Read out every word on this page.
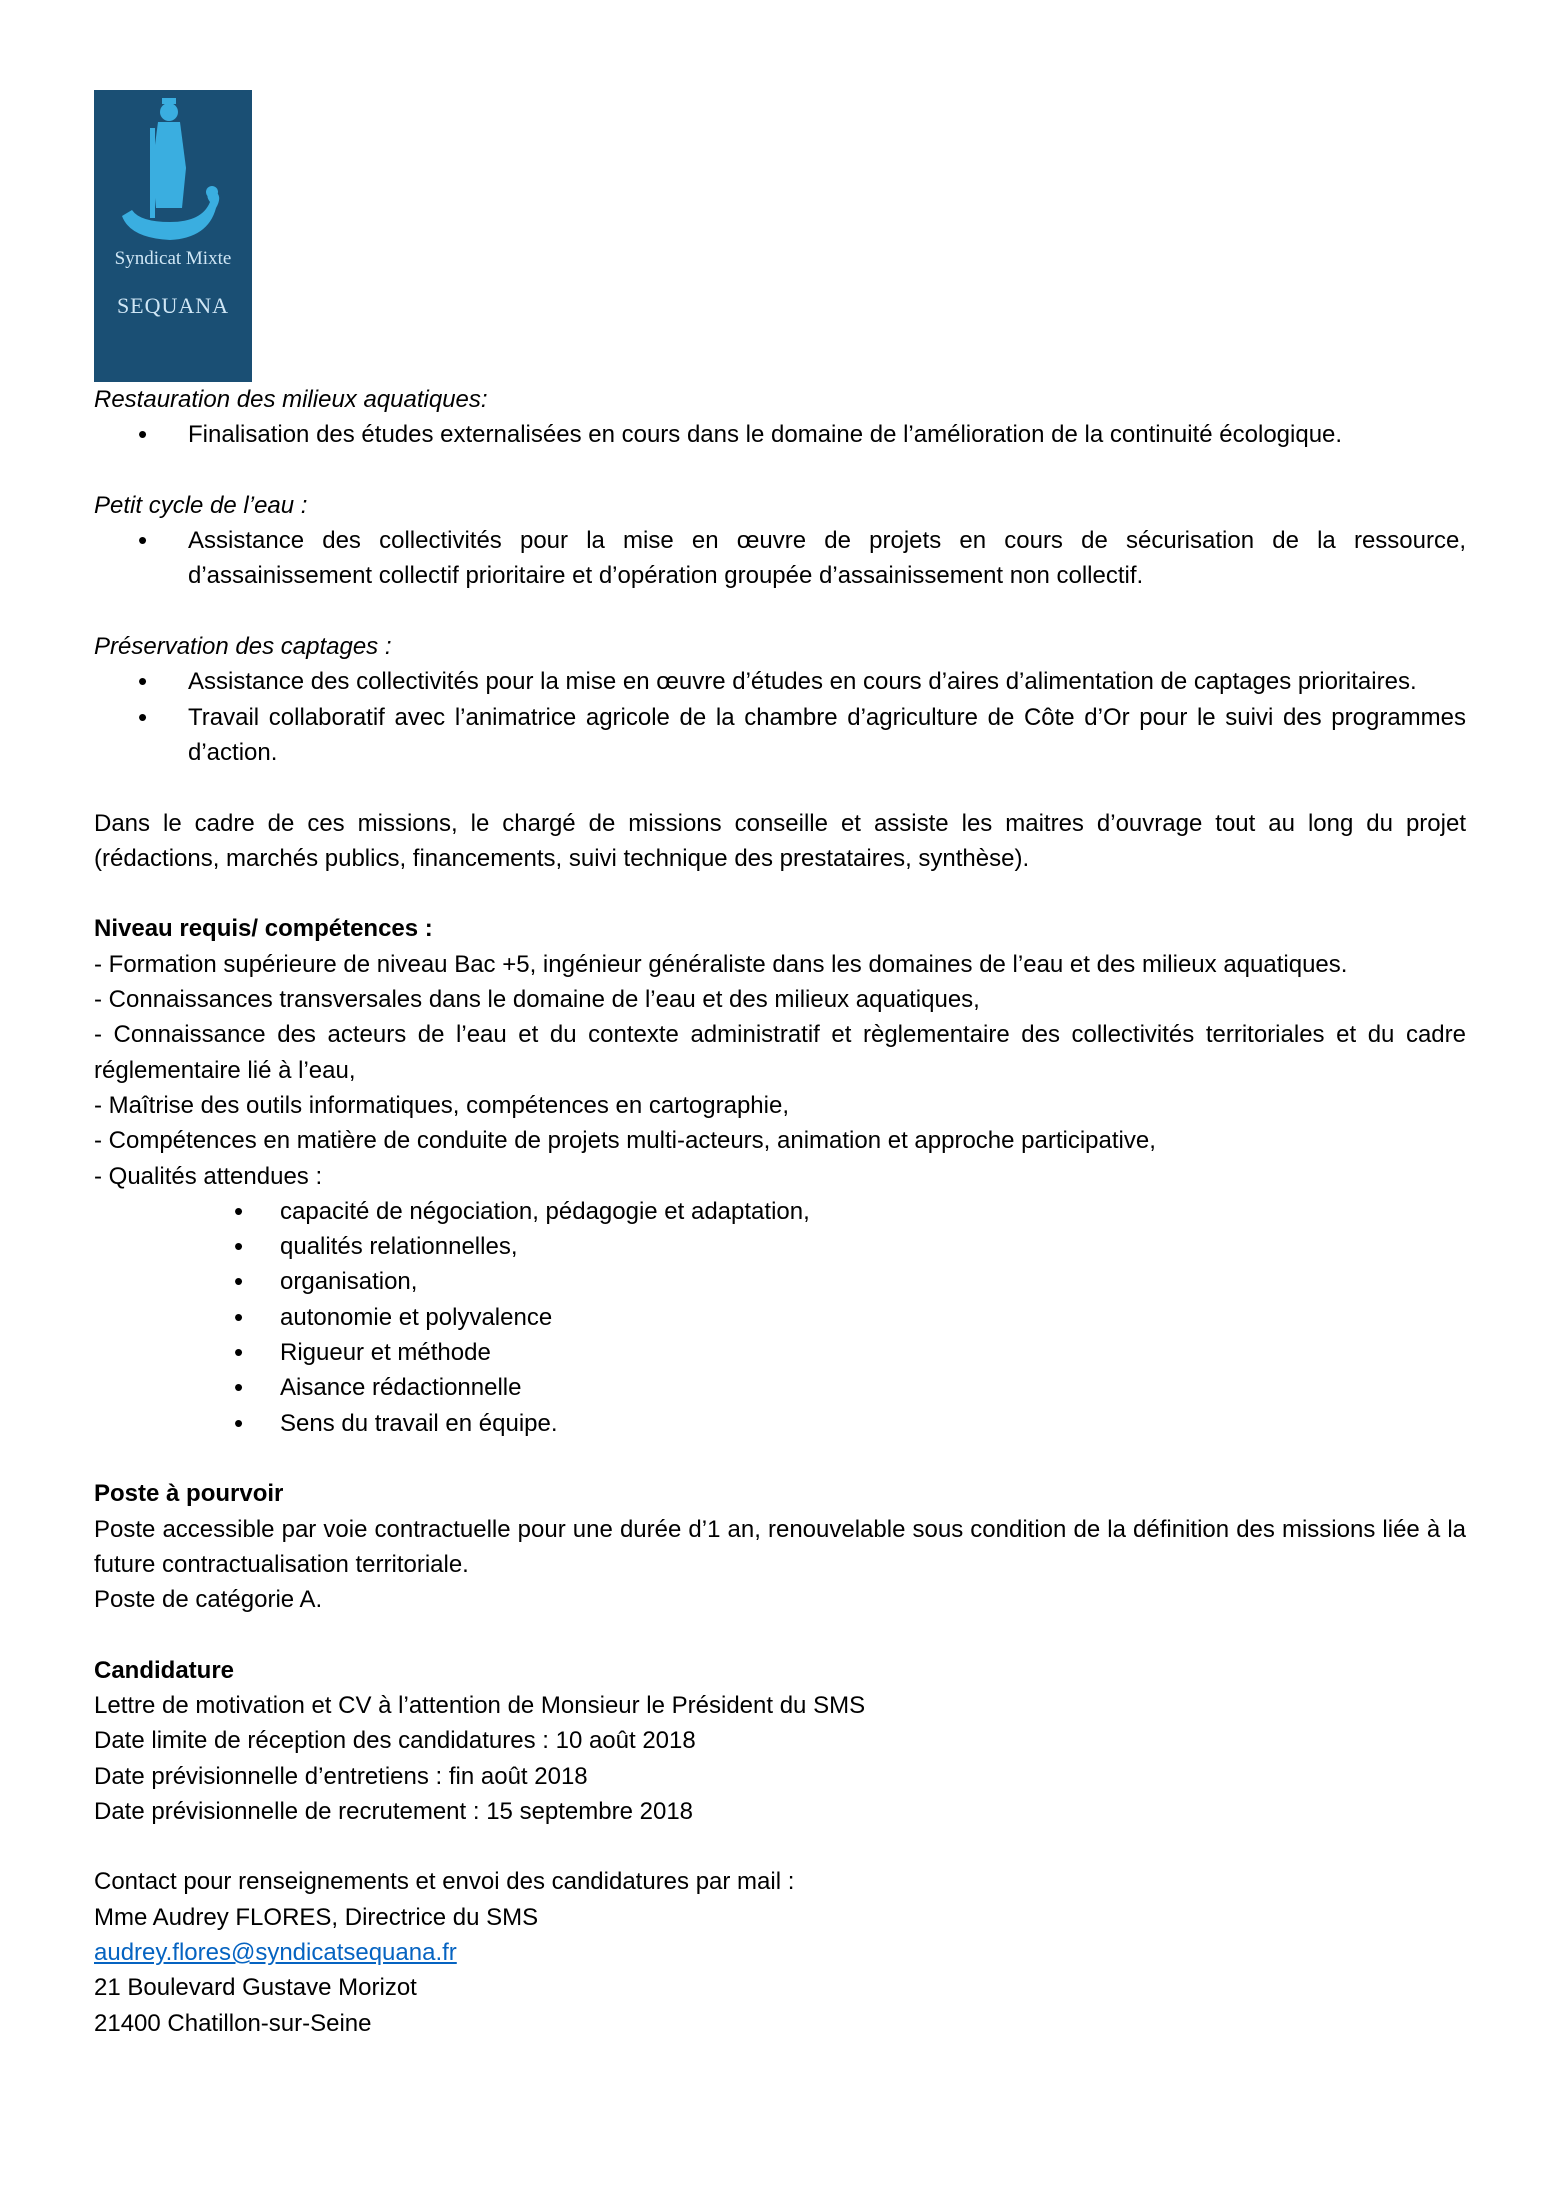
Syndicat Mixte
SEQUANA

Restauration des milieux aquatiques:

• Finalisation des études externalisées en cours dans le domaine de l’amélioration de la continuité écologique.

Petit cycle de l’eau :

• Assistance des collectivités pour la mise en œuvre de projets en cours de sécurisation de la ressource, d’assainissement collectif prioritaire et d’opération groupée d’assainissement non collectif.

Préservation des captages :

• Assistance des collectivités pour la mise en œuvre d’études en cours d’aires d’alimentation de captages prioritaires.
• Travail collaboratif avec l’animatrice agricole de la chambre d’agriculture de Côte d’Or pour le suivi des programmes d’action.

Dans le cadre de ces missions, le chargé de missions conseille et assiste les maitres d’ouvrage tout au long du projet (rédactions, marchés publics, financements, suivi technique des prestataires, synthèse).

Niveau requis/ compétences :

- Formation supérieure de niveau Bac +5, ingénieur généraliste dans les domaines de l’eau et des milieux aquatiques.

- Connaissances transversales dans le domaine de l’eau et des milieux aquatiques,

- Connaissance des acteurs de l’eau et du contexte administratif et règlementaire des collectivités territoriales et du cadre réglementaire lié à l’eau,

- Maîtrise des outils informatiques, compétences en cartographie,

- Compétences en matière de conduite de projets multi-acteurs, animation et approche participative,

- Qualités attendues :

• capacité de négociation, pédagogie et adaptation,
• qualités relationnelles,
• organisation,
• autonomie et polyvalence
• Rigueur et méthode
• Aisance rédactionnelle
• Sens du travail en équipe.

Poste à pourvoir

Poste accessible par voie contractuelle pour une durée d’1 an, renouvelable sous condition de la définition des missions liée à la future contractualisation territoriale.

Poste de catégorie A.

Candidature

Lettre de motivation et CV à l’attention de Monsieur le Président du SMS

Date limite de réception des candidatures : 10 août 2018

Date prévisionnelle d’entretiens : fin août 2018

Date prévisionnelle de recrutement : 15 septembre 2018

Contact pour renseignements et envoi des candidatures par mail :

Mme Audrey FLORES, Directrice du SMS

audrey.flores@syndicatsequana.fr

21 Boulevard Gustave Morizot

21400 Chatillon-sur-Seine
